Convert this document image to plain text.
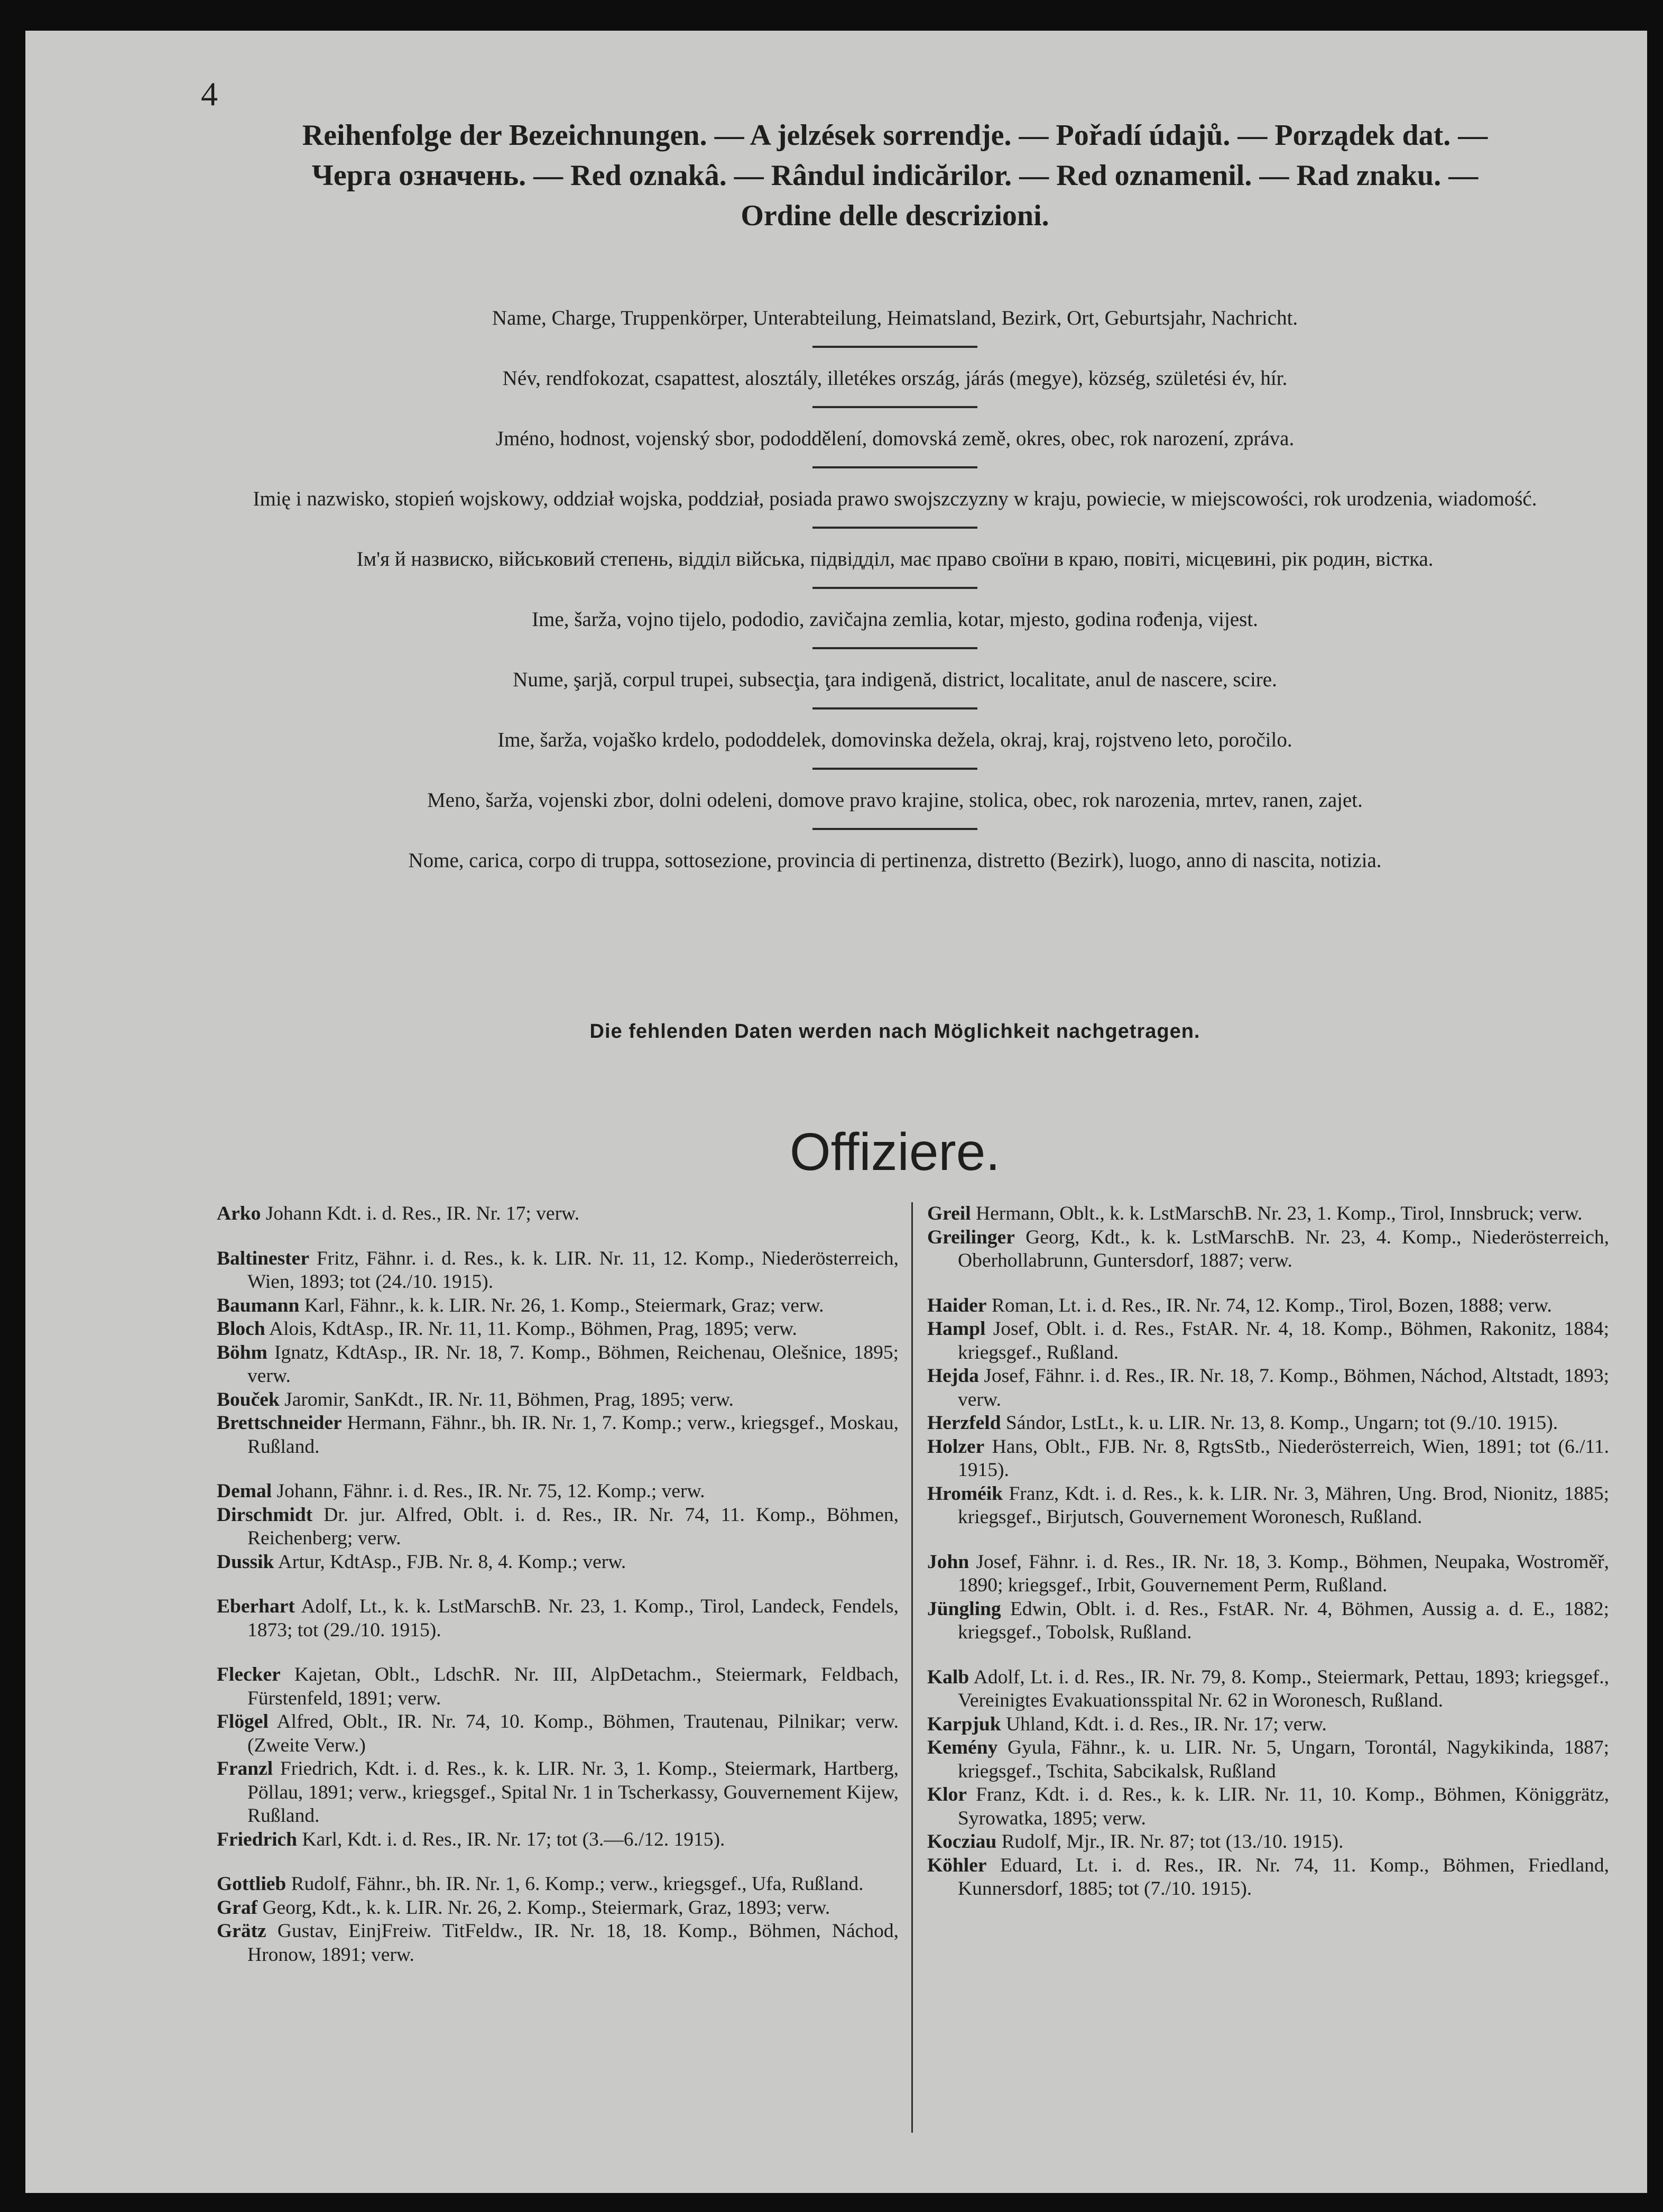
4
Reihenfolge der Bezeichnungen. — A jelzések sorrendje. — Pořadí údajů. — Porządek dat. —
Черга означень. — Red oznakâ. — Rândul indicărilor. — Red oznamenil. — Rad znaku. —
Ordine delle descrizioni.
Name, Charge, Truppenkörper, Unterabteilung, Heimatsland, Bezirk, Ort, Geburtsjahr, Nachricht.
Név, rendfokozat, csapattest, alosztály, illetékes ország, járás (megye), község, születési év, hír.
Jméno, hodnost, vojenský sbor, pododdělení, domovská země, okres, obec, rok narození, zpráva.
Imię i nazwisko, stopień wojskowy, oddział wojska, poddział, posiada prawo swojszczyzny w kraju, powiecie, w miejscowości, rok urodzenia, wiadomość.
Ім'я й назвиско, військовий степень, відділ війська, підвідділ, має право своїни в краю, повіті, місцевині, рік родин, вістка.
Ime, šarža, vojno tijelo, pododio, zavičajna zemlia, kotar, mjesto, godina rođenja, vijest.
Nume, şarjă, corpul trupei, subsecţia, ţara indigenă, district, localitate, anul de nascere, scire.
Ime, šarža, vojaško krdelo, pododdelek, domovinska dežela, okraj, kraj, rojstveno leto, poročilo.
Meno, šarža, vojenski zbor, dolni odeleni, domove pravo krajine, stolica, obec, rok narozenia, mrtev, ranen, zajet.
Nome, carica, corpo di truppa, sottosezione, provincia di pertinenza, distretto (Bezirk), luogo, anno di nascita, notizia.
Die fehlenden Daten werden nach Möglichkeit nachgetragen.
Offiziere.

Arko Johann Kdt. i. d. Res., IR. Nr. 17; verw.

Baltinester Fritz, Fähnr. i. d. Res., k. k. LIR. Nr. 11, 12. Komp., Niederösterreich, Wien, 1893; tot (24./10. 1915).

Baumann Karl, Fähnr., k. k. LIR. Nr. 26, 1. Komp., Steiermark, Graz; verw.

Bloch Alois, KdtAsp., IR. Nr. 11, 11. Komp., Böhmen, Prag, 1895; verw.

Böhm Ignatz, KdtAsp., IR. Nr. 18, 7. Komp., Böhmen, Reichenau, Olešnice, 1895; verw.

Bouček Jaromir, SanKdt., IR. Nr. 11, Böhmen, Prag, 1895; verw.

Brettschneider Hermann, Fähnr., bh. IR. Nr. 1, 7. Komp.; verw., kriegsgef., Moskau, Rußland.

Demal Johann, Fähnr. i. d. Res., IR. Nr. 75, 12. Komp.; verw.

Dirschmidt Dr. jur. Alfred, Oblt. i. d. Res., IR. Nr. 74, 11. Komp., Böhmen, Reichenberg; verw.

Dussik Artur, KdtAsp., FJB. Nr. 8, 4. Komp.; verw.

Eberhart Adolf, Lt., k. k. LstMarschB. Nr. 23, 1. Komp., Tirol, Landeck, Fendels, 1873; tot (29./10. 1915).

Flecker Kajetan, Oblt., LdschR. Nr. III, AlpDetachm., Steiermark, Feldbach, Fürstenfeld, 1891; verw.

Flögel Alfred, Oblt., IR. Nr. 74, 10. Komp., Böhmen, Trautenau, Pilnikar; verw. (Zweite Verw.)

Franzl Friedrich, Kdt. i. d. Res., k. k. LIR. Nr. 3, 1. Komp., Steiermark, Hartberg, Pöllau, 1891; verw., kriegsgef., Spital Nr. 1 in Tscherkassy, Gouvernement Kijew, Rußland.

Friedrich Karl, Kdt. i. d. Res., IR. Nr. 17; tot (3.—6./12. 1915).

Gottlieb Rudolf, Fähnr., bh. IR. Nr. 1, 6. Komp.; verw., kriegsgef., Ufa, Rußland.

Graf Georg, Kdt., k. k. LIR. Nr. 26, 2. Komp., Steiermark, Graz, 1893; verw.

Grätz Gustav, EinjFreiw. TitFeldw., IR. Nr. 18, 18. Komp., Böhmen, Náchod, Hronow, 1891; verw.

Greil Hermann, Oblt., k. k. LstMarschB. Nr. 23, 1. Komp., Tirol, Innsbruck; verw.

Greilinger Georg, Kdt., k. k. LstMarschB. Nr. 23, 4. Komp., Niederösterreich, Oberhollabrunn, Guntersdorf, 1887; verw.

Haider Roman, Lt. i. d. Res., IR. Nr. 74, 12. Komp., Tirol, Bozen, 1888; verw.

Hampl Josef, Oblt. i. d. Res., FstAR. Nr. 4, 18. Komp., Böhmen, Rakonitz, 1884; kriegsgef., Rußland.

Hejda Josef, Fähnr. i. d. Res., IR. Nr. 18, 7. Komp., Böhmen, Náchod, Altstadt, 1893; verw.

Herzfeld Sándor, LstLt., k. u. LIR. Nr. 13, 8. Komp., Ungarn; tot (9./10. 1915).

Holzer Hans, Oblt., FJB. Nr. 8, RgtsStb., Niederösterreich, Wien, 1891; tot (6./11. 1915).

Hroméik Franz, Kdt. i. d. Res., k. k. LIR. Nr. 3, Mähren, Ung. Brod, Nionitz, 1885; kriegsgef., Birjutsch, Gouvernement Woronesch, Rußland.

John Josef, Fähnr. i. d. Res., IR. Nr. 18, 3. Komp., Böhmen, Neupaka, Wostroměř, 1890; kriegsgef., Irbit, Gouvernement Perm, Rußland.

Jüngling Edwin, Oblt. i. d. Res., FstAR. Nr. 4, Böhmen, Aussig a. d. E., 1882; kriegsgef., Tobolsk, Rußland.

Kalb Adolf, Lt. i. d. Res., IR. Nr. 79, 8. Komp., Steiermark, Pettau, 1893; kriegsgef., Vereinigtes Evakuationsspital Nr. 62 in Woronesch, Rußland.

Karpjuk Uhland, Kdt. i. d. Res., IR. Nr. 17; verw.

Kemény Gyula, Fähnr., k. u. LIR. Nr. 5, Ungarn, Torontál, Nagykikinda, 1887; kriegsgef., Tschita, Sabcikalsk, Rußland

Klor Franz, Kdt. i. d. Res., k. k. LIR. Nr. 11, 10. Komp., Böhmen, Königgrätz, Syrowatka, 1895; verw.

Kocziau Rudolf, Mjr., IR. Nr. 87; tot (13./10. 1915).

Köhler Eduard, Lt. i. d. Res., IR. Nr. 74, 11. Komp., Böhmen, Friedland, Kunnersdorf, 1885; tot (7./10. 1915).
